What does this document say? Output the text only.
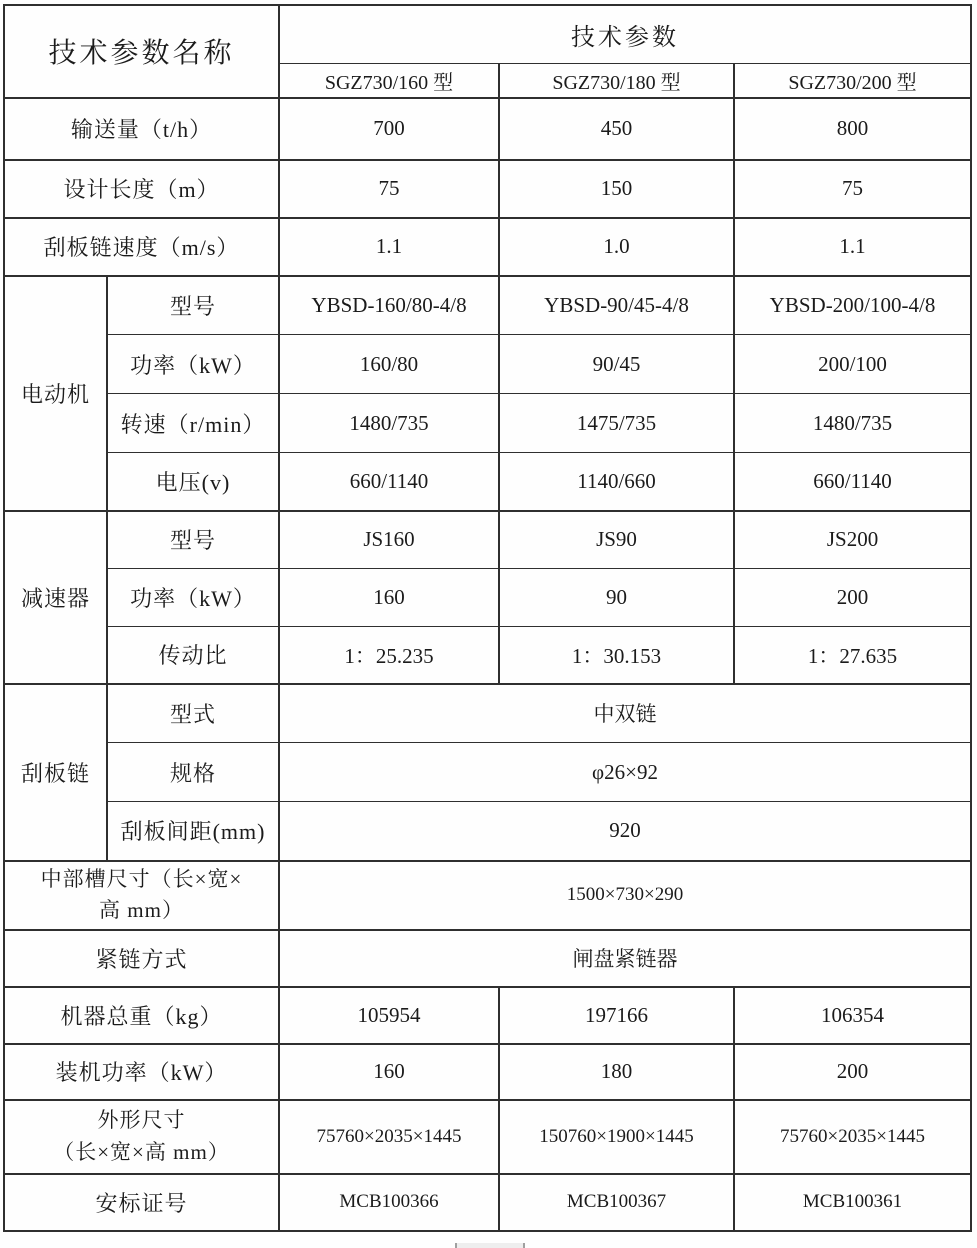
技术参数名称		技术参数		
		SGZ730/160 型	SGZ730/180 型	SGZ730/200 型
输送量（t/h）		700	450	800
设计长度（m）		75	150	75
刮板链速度（m/s）		1.1	1.0	1.1
电动机	型号	YBSD-160/80-4/8	YBSD-90/45-4/8	YBSD-200/100-4/8
	功率（kW）	160/80	90/45	200/100
	转速（r/min）	1480/735	1475/735	1480/735
	电压(v)	660/1140	1140/660	660/1140
减速器	型号	JS160	JS90	JS200
	功率（kW）	160	90	200
	传动比	1：25.235	1：30.153	1：27.635
刮板链	型式	中双链		
	规格	φ26×92		
	刮板间距(mm)	920		
中部槽尺寸（长×宽×
高 mm）		1500×730×290		
紧链方式		闸盘紧链器		
机器总重（kg）		105954	197166	106354
装机功率（kW）		160	180	200
外形尺寸
（长×宽×高 mm）		75760×2035×1445	150760×1900×1445	75760×2035×1445
安标证号		MCB100366	MCB100367	MCB100361
